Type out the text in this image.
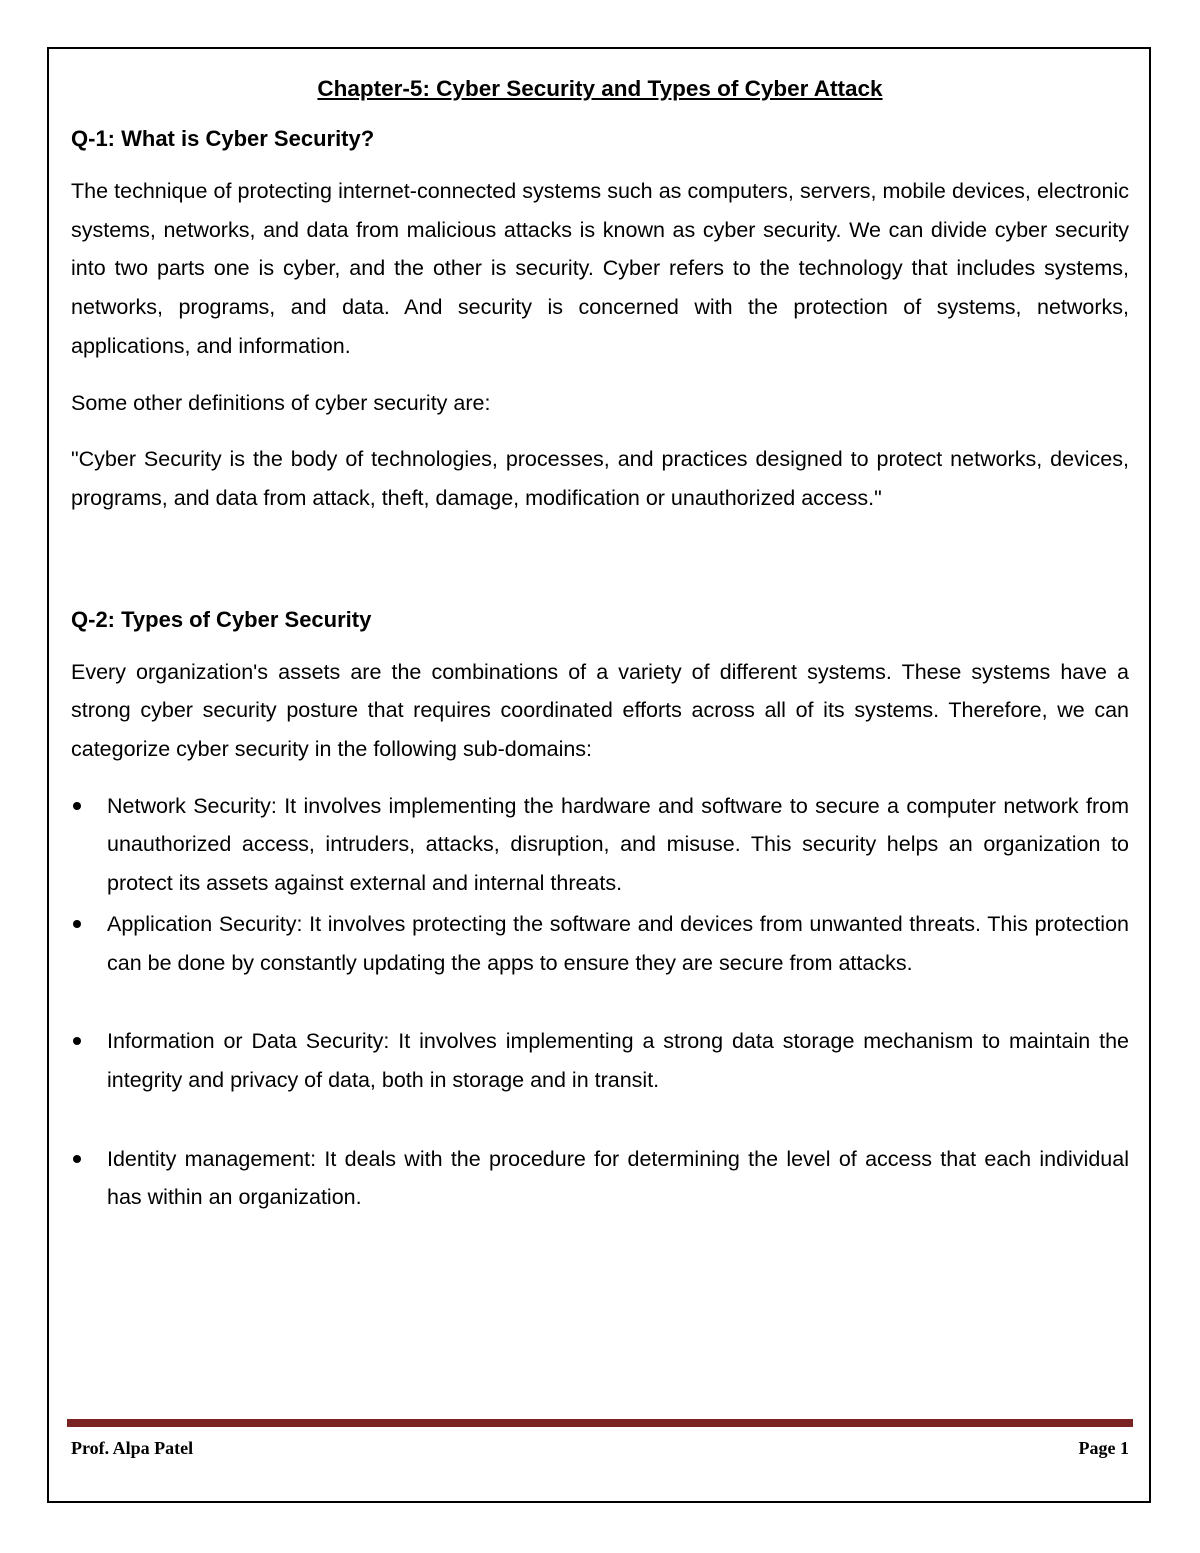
Chapter-5: Cyber Security and Types of Cyber Attack
Q-1: What is Cyber Security?

The technique of protecting internet-connected systems such as computers, servers, mobile devices, electronic systems, networks, and data from malicious attacks is known as cyber security. We can divide cyber security into two parts one is cyber, and the other is security. Cyber refers to the technology that includes systems, networks, programs, and data. And security is concerned with the protection of systems, networks, applications, and information.

Some other definitions of cyber security are:

"Cyber Security is the body of technologies, processes, and practices designed to protect networks, devices, programs, and data from attack, theft, damage, modification or unauthorized access."

Q-2: Types of Cyber Security

Every organization's assets are the combinations of a variety of different systems. These systems have a strong cyber security posture that requires coordinated efforts across all of its systems. Therefore, we can categorize cyber security in the following sub-domains:

Network Security: It involves implementing the hardware and software to secure a computer network from unauthorized access, intruders, attacks, disruption, and misuse. This security helps an organization to protect its assets against external and internal threats.
Application Security: It involves protecting the software and devices from unwanted threats. This protection can be done by constantly updating the apps to ensure they are secure from attacks.
Information or Data Security: It involves implementing a strong data storage mechanism to maintain the integrity and privacy of data, both in storage and in transit.
Identity management: It deals with the procedure for determining the level of access that each individual has within an organization.
Prof. Alpa Patel	Page 1
